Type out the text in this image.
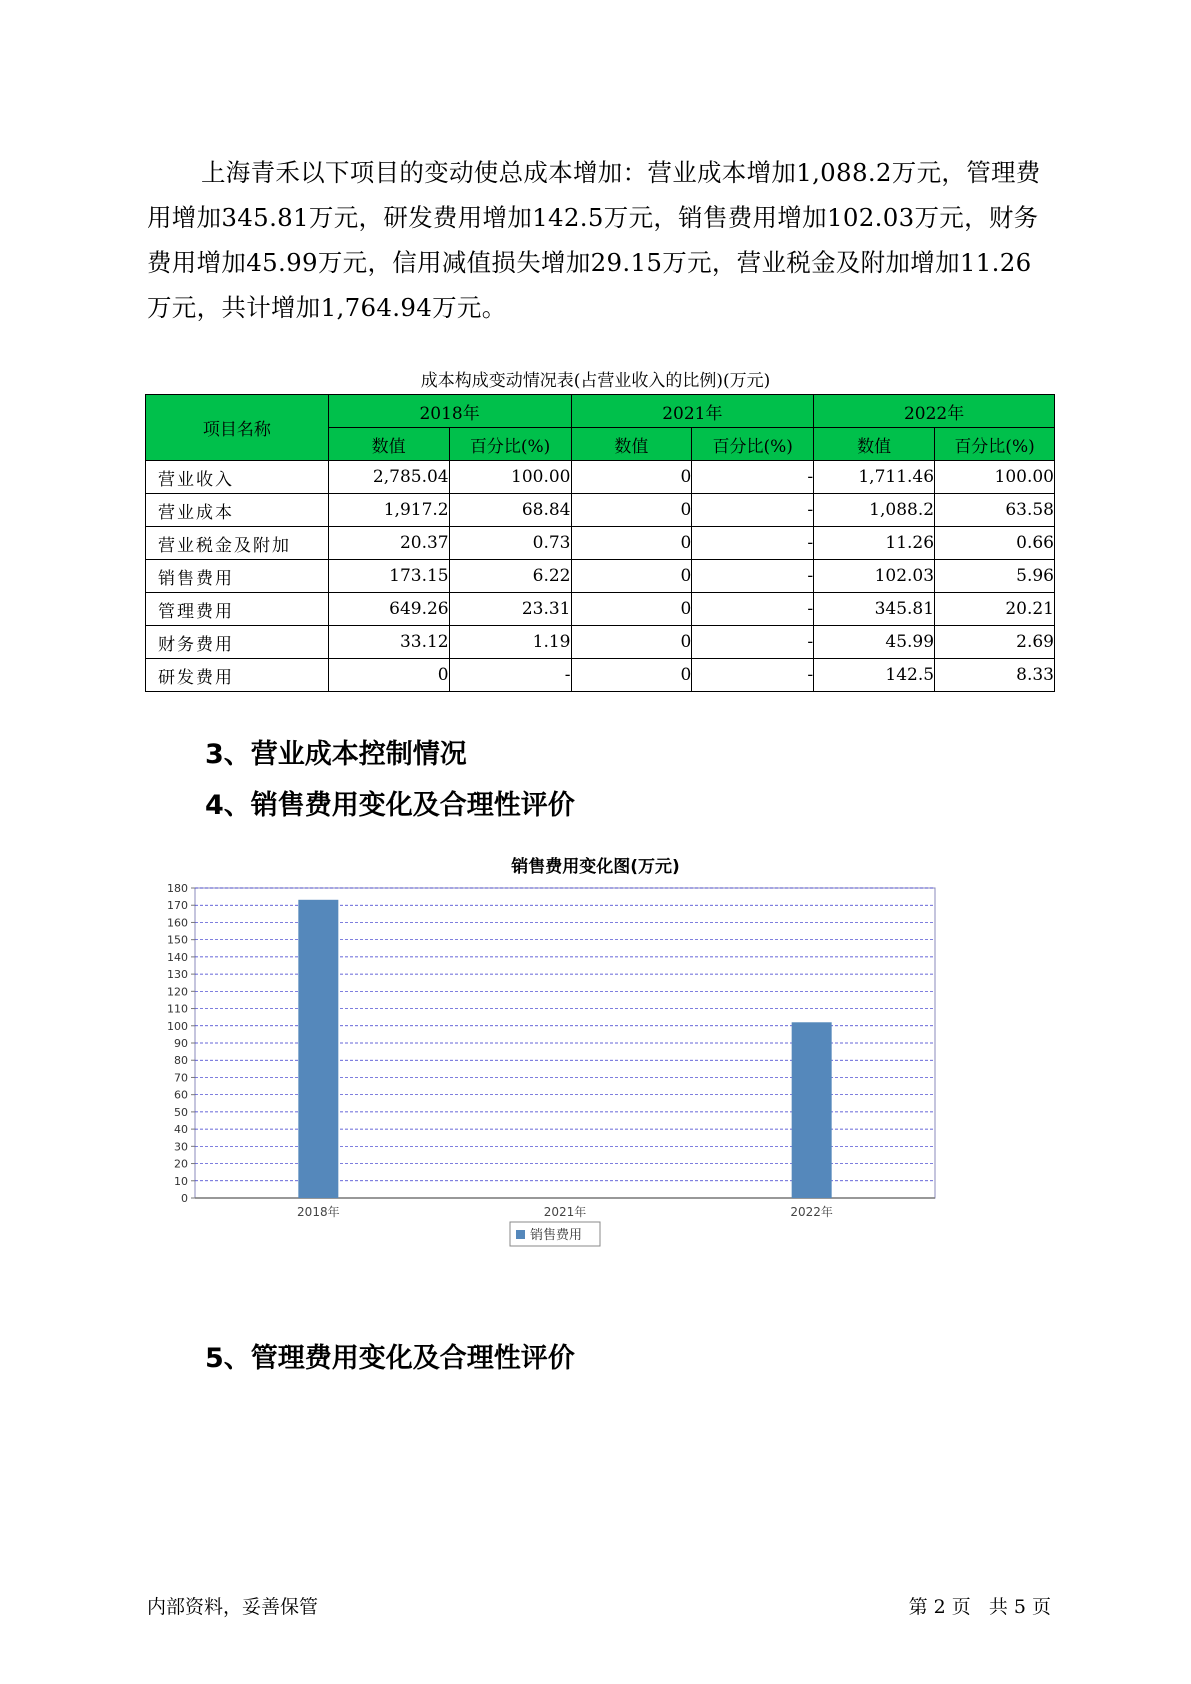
上海青禾以下项目的变动使总成本增加：营业成本增加1,088.2万元，管理费用增加345.81万元，研发费用增加142.5万元，销售费用增加102.03万元，财务费用增加45.99万元，信用减值损失增加29.15万元，营业税金及附加增加11.26万元，共计增加1,764.94万元。

成本构成变动情况表(占营业收入的比例)(万元)
项目名称	2018年		2021年		2022年	
	数值	百分比(%)	数值	百分比(%)	数值	百分比(%)
营业收入	2,785.04	100.00	0	-	1,711.46	100.00
营业成本	1,917.2	68.84	0	-	1,088.2	63.58
营业税金及附加	20.37	0.73	0	-	11.26	0.66
销售费用	173.15	6.22	0	-	102.03	5.96
管理费用	649.26	23.31	0	-	345.81	20.21
财务费用	33.12	1.19	0	-	45.99	2.69
研发费用	0	-	0	-	142.5	8.33
3、营业成本控制情况
4、销售费用变化及合理性评价
销售费用变化图(万元)
0
10
20
30
40
50
60
70
80
90
100
110
120
130
140
150
160
170
180
2018年	2021年	2022年
销售费用
5、管理费用变化及合理性评价
内部资料，妥善保管	第 2 页 共 5 页
